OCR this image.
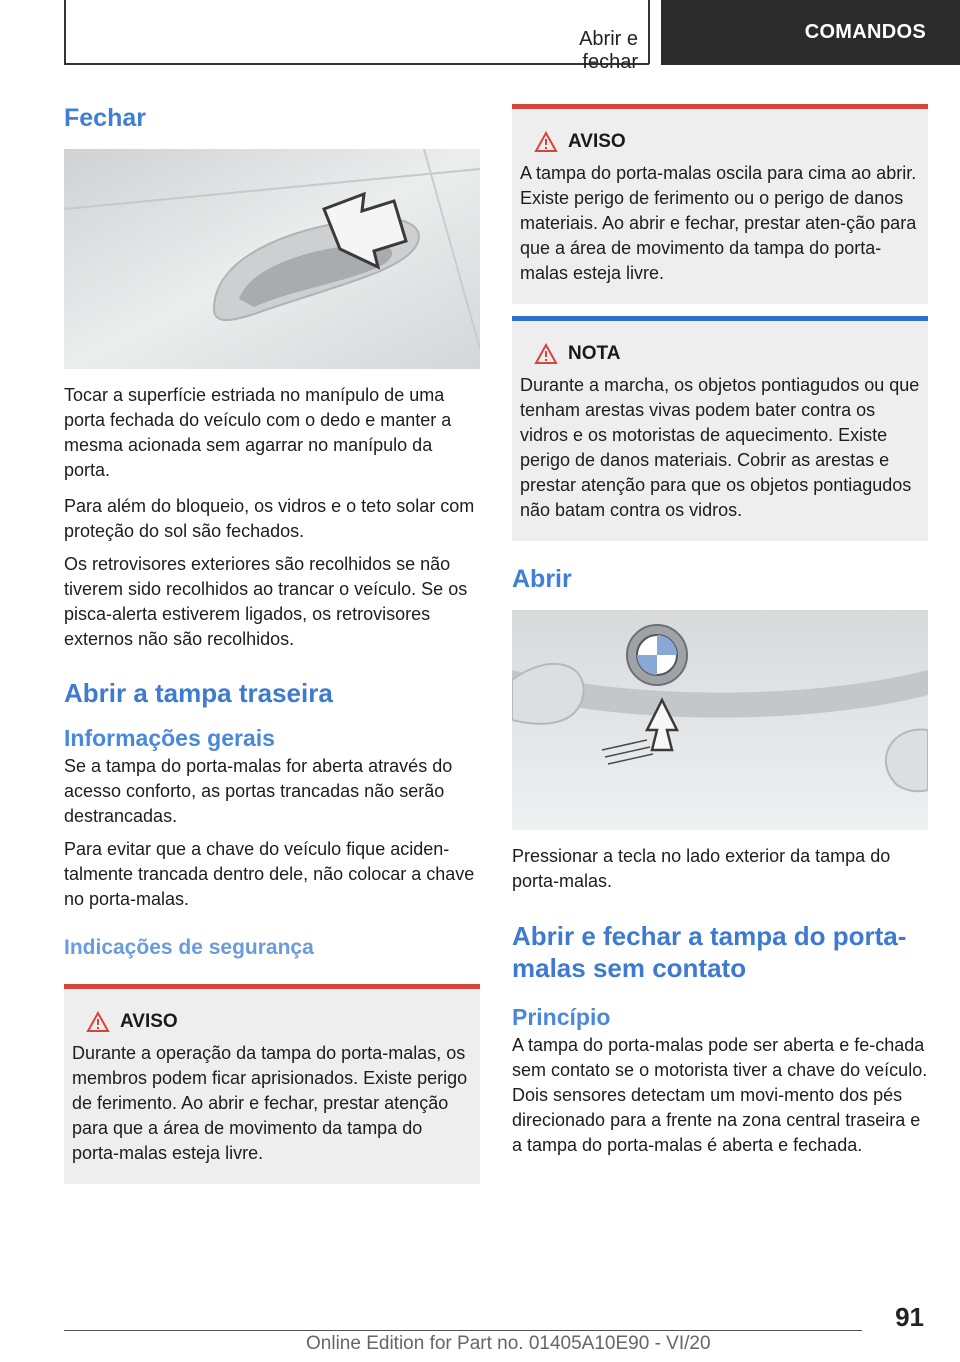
Abrir e fechar
COMANDOS
Fechar

Tocar a superfície estriada no manípulo de uma porta fechada do veículo com o dedo e manter a mesma acionada sem agarrar no manípulo da porta.

Para além do bloqueio, os vidros e o teto solar com proteção do sol são fechados.

Os retrovisores exteriores são recolhidos se não tiverem sido recolhidos ao trancar o veículo. Se os pisca-alerta estiverem ligados, os retrovisores externos não são recolhidos.

Abrir a tampa traseira
Informações gerais

Se a tampa do porta-malas for aberta através do acesso conforto, as portas trancadas não serão destrancadas.

Para evitar que a chave do veículo fique aciden-talmente trancada dentro dele, não colocar a chave no porta-malas.

Indicações de segurança
AVISO

Durante a operação da tampa do porta-malas, os membros podem ficar aprisionados. Existe perigo de ferimento. Ao abrir e fechar, prestar atenção para que a área de movimento da tampa do porta-malas esteja livre.

AVISO

A tampa do porta-malas oscila para cima ao abrir. Existe perigo de ferimento ou o perigo de danos materiais. Ao abrir e fechar, prestar aten-ção para que a área de movimento da tampa do porta-malas esteja livre.

NOTA

Durante a marcha, os objetos pontiagudos ou que tenham arestas vivas podem bater contra os vidros e os motoristas de aquecimento. Existe perigo de danos materiais. Cobrir as arestas e prestar atenção para que os objetos pontiagudos não batam contra os vidros.

Abrir

Pressionar a tecla no lado exterior da tampa do porta-malas.

Abrir e fechar a tampa do porta-malas sem contato
Princípio

A tampa do porta-malas pode ser aberta e fe-chada sem contato se o motorista tiver a chave do veículo. Dois sensores detectam um movi-mento dos pés direcionado para a frente na zona central traseira e a tampa do porta-malas é aberta e fechada.

91
Online Edition for Part no. 01405A10E90 - VI/20
